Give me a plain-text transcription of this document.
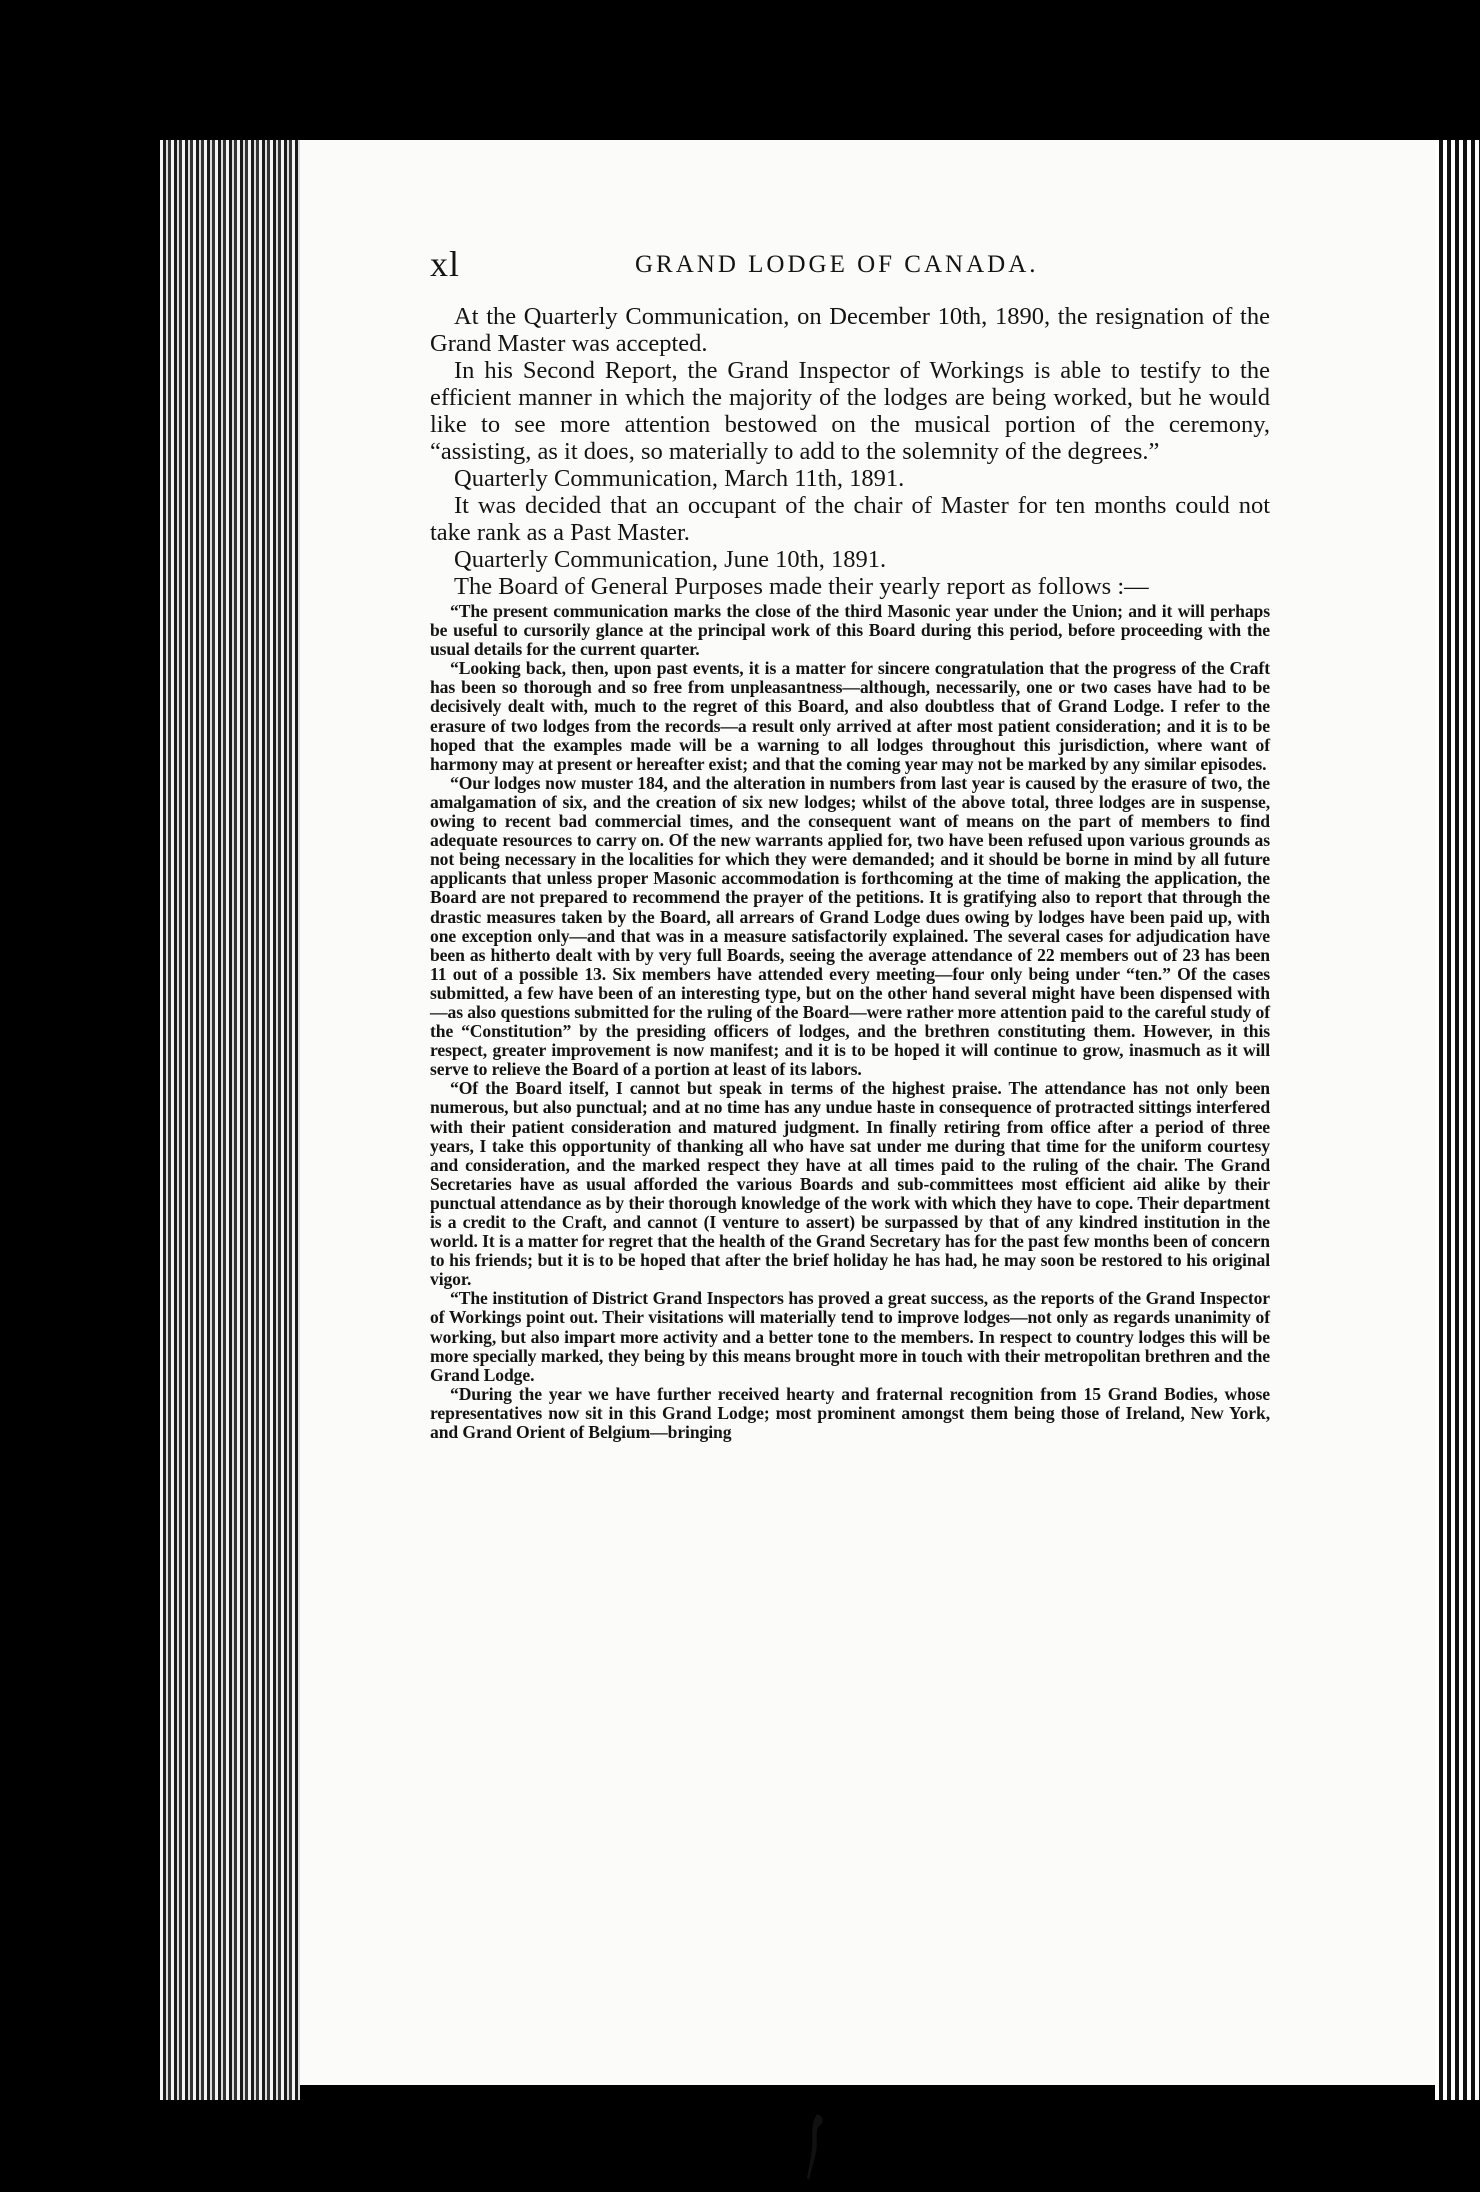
xl	GRAND LODGE OF CANADA.

At the Quarterly Communication, on December 10th, 1890, the resignation of the Grand Master was accepted.

In his Second Report, the Grand Inspector of Workings is able to testify to the efficient manner in which the majority of the lodges are being worked, but he would like to see more attention bestowed on the musical portion of the ceremony, “assisting, as it does, so materially to add to the solemnity of the degrees.”

Quarterly Communication, March 11th, 1891.

It was decided that an occupant of the chair of Master for ten months could not take rank as a Past Master.

Quarterly Communication, June 10th, 1891.

The Board of General Purposes made their yearly report as follows :—

“The present communication marks the close of the third Masonic year under the Union; and it will perhaps be useful to cursorily glance at the principal work of this Board during this period, before proceeding with the usual details for the current quarter.

“Looking back, then, upon past events, it is a matter for sincere congratulation that the progress of the Craft has been so thorough and so free from unpleasantness—although, necessarily, one or two cases have had to be decisively dealt with, much to the regret of this Board, and also doubtless that of Grand Lodge. I refer to the erasure of two lodges from the records—a result only arrived at after most patient consideration; and it is to be hoped that the examples made will be a warning to all lodges throughout this jurisdiction, where want of harmony may at present or hereafter exist; and that the coming year may not be marked by any similar episodes.

“Our lodges now muster 184, and the alteration in numbers from last year is caused by the erasure of two, the amalgamation of six, and the creation of six new lodges; whilst of the above total, three lodges are in suspense, owing to recent bad commercial times, and the consequent want of means on the part of members to find adequate resources to carry on. Of the new warrants applied for, two have been refused upon various grounds as not being necessary in the localities for which they were demanded; and it should be borne in mind by all future applicants that unless proper Masonic accommodation is forthcoming at the time of making the application, the Board are not prepared to recommend the prayer of the petitions. It is gratifying also to report that through the drastic measures taken by the Board, all arrears of Grand Lodge dues owing by lodges have been paid up, with one exception only—and that was in a measure satisfactorily explained. The several cases for adjudication have been as hitherto dealt with by very full Boards, seeing the average attendance of 22 members out of 23 has been 11 out of a possible 13. Six members have attended every meeting—four only being under “ten.” Of the cases submitted, a few have been of an interesting type, but on the other hand several might have been dispensed with—as also questions submitted for the ruling of the Board—were rather more attention paid to the careful study of the “Constitution” by the presiding officers of lodges, and the brethren constituting them. However, in this respect, greater improvement is now manifest; and it is to be hoped it will continue to grow, inasmuch as it will serve to relieve the Board of a portion at least of its labors.

“Of the Board itself, I cannot but speak in terms of the highest praise. The attendance has not only been numerous, but also punctual; and at no time has any undue haste in consequence of protracted sittings interfered with their patient consideration and matured judgment. In finally retiring from office after a period of three years, I take this opportunity of thanking all who have sat under me during that time for the uniform courtesy and consideration, and the marked respect they have at all times paid to the ruling of the chair. The Grand Secretaries have as usual afforded the various Boards and sub-committees most efficient aid alike by their punctual attendance as by their thorough knowledge of the work with which they have to cope. Their department is a credit to the Craft, and cannot (I venture to assert) be surpassed by that of any kindred institution in the world. It is a matter for regret that the health of the Grand Secretary has for the past few months been of concern to his friends; but it is to be hoped that after the brief holiday he has had, he may soon be restored to his original vigor.

“The institution of District Grand Inspectors has proved a great success, as the reports of the Grand Inspector of Workings point out. Their visitations will materially tend to improve lodges—not only as regards unanimity of working, but also impart more activity and a better tone to the members. In respect to country lodges this will be more specially marked, they being by this means brought more in touch with their metropolitan brethren and the Grand Lodge.

“During the year we have further received hearty and fraternal recognition from 15 Grand Bodies, whose representatives now sit in this Grand Lodge; most prominent amongst them being those of Ireland, New York, and Grand Orient of Belgium—bringing
